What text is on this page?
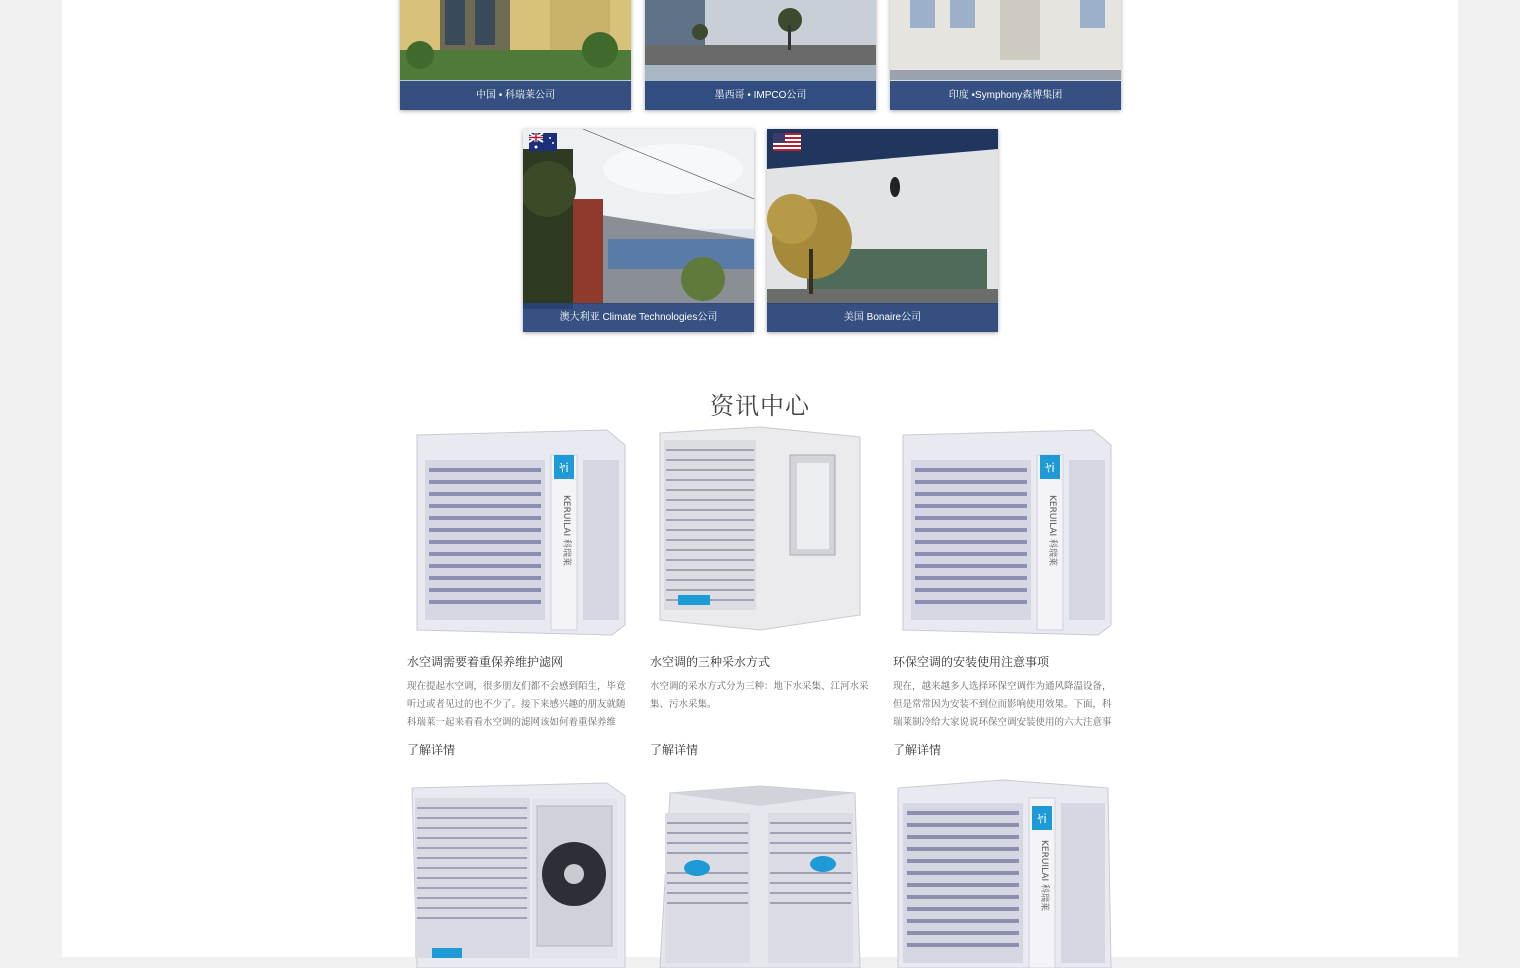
中国 • 科瑞莱公司	墨西哥 • IMPCO公司	印度 •Symphony森博集团
澳大利亚 Climate Technologies公司	美国 Bonaire公司
资讯中心
ﾔi
KERUILAI 科瑞莱
水空调需要着重保养维护滤网
现在提起水空调，很多朋友们都不会感到陌生，毕竟听过或者见过的也不少了。接下来感兴趣的朋友就随科瑞莱一起来看看水空调的滤网该如何着重保养维
了解详情
水空调的三种采水方式
水空调的采水方式分为三种：地下水采集、江河水采集、污水采集。
了解详情
ﾔi
KERUILAI 科瑞莱
环保空调的安装使用注意事项
现在，越来越多人选择环保空调作为通风降温设备，但是常常因为安装不到位而影响使用效果。下面，科瑞莱制冷给大家说说环保空调安装使用的六大注意事
了解详情
ﾔi
KERUILAI 科瑞莱
